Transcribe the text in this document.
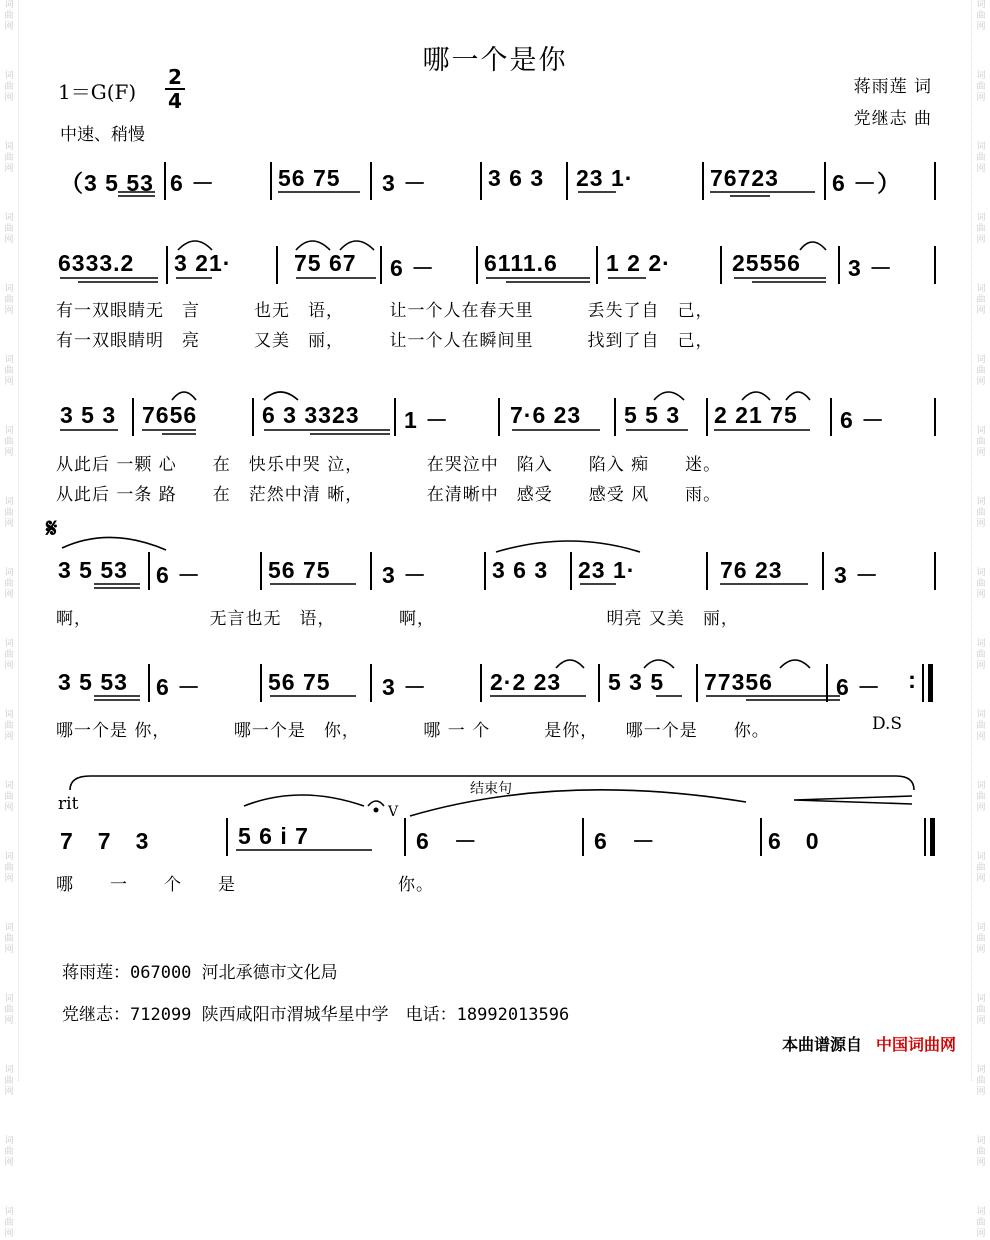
词
曲
网
词
曲
网
词
曲
网
词
曲
网
词
曲
网
词
曲
网
词
曲
网
词
曲
网
词
曲
网
词
曲
网
词
曲
网
词
曲
网
词
曲
网
词
曲
网
词
曲
网
词
曲
网
词
曲
网
词
曲
网
词
曲
网
词
曲
网
词
曲
网
词
曲
网
词
曲
网
词
曲
网
词
曲
网
词
曲
网
词
曲
网
词
曲
网
词
曲
网
词
曲
网
词
曲
网
词
曲
网
词
曲
网
词
曲
网
词
曲
网
词
曲
网
哪一个是你
1＝G(F)
2
4
中速、稍慢
蒋雨莲 词
党继志 曲
（3 5 53 6 －	56 75 3 －	3 6 3 23 1·	76723 6 －）
6333.2 3 21·	75 67 6 － 6111.6 1 2 2·	25556 3 －
有一双眼睛无　言　　　也无　语，　　　让一个人在春天里　　　丢失了自　己，
有一双眼睛明　亮　　　又美　丽，　　　让一个人在瞬间里　　　找到了自　己，
3 5 3 7656	6 3 3323 1 －	7·6 23 5 5 3 2 21 75 6 －
从此后 一颗 心　　在　快乐中哭 泣，　　　　在哭泣中　陷入　　陷入 痴　　迷。
从此后 一条 路　　在　茫然中清 晰，　　　　在清晰中　感受　　感受 风　　雨。
𝄋
3 5 53 6 －	56 75 3 －	3 6 3 23 1·	76 23 3 －
啊，　　　　　　　无言也无　语，　　　　啊，　　　　　　　　　　明亮 又美　丽，
3 5 53 6 －	56 75 3 －	2·2 23 5 3 5 77356	6 － :
哪一个是 你，　　　　哪一个是　你，　　　　哪 一 个　　　是你，　　哪一个是　　你。	D.S
rit
结束句
V
7　7　3	5 6 i 7	6　－	6　－	6　0
哪　　一　　个　　是　　　　　　　　　你。
蒋雨莲：067000 河北承德市文化局
党继志：712099 陕西咸阳市渭城华星中学　电话：18992013596
本曲谱源自 中国词曲网
